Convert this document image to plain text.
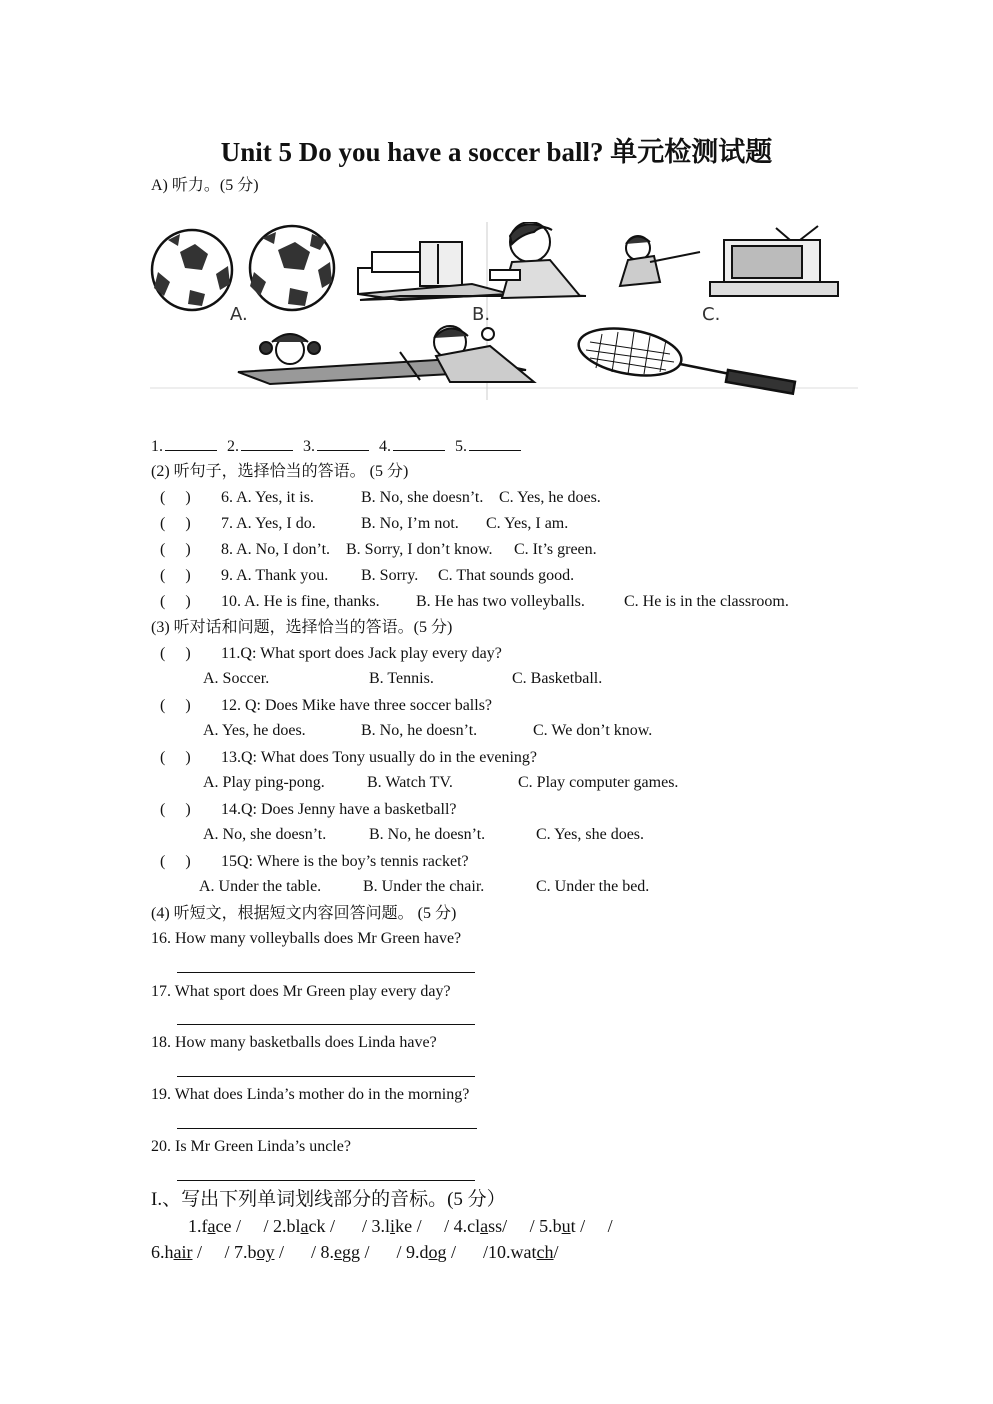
Unit 5 Do you have a soccer ball? 单元检测试题
A) 听力。(5 分)
A.	B.	C.
1.	2.	3.	4.	5.
(2) 听句子，选择恰当的答语。 (5 分)
(     ) 6. A. Yes, it is.	B. No, she doesn’t. C. Yes, he does.
(     ) 7. A. Yes, I do.	B. No, I’m not. C. Yes, I am.
(     ) 8. A. No, I don’t. B. Sorry, I don’t know. C. It’s green.
(     ) 9. A. Thank you. B. Sorry. C. That sounds good.
(     ) 10. A. He is fine, thanks. B. He has two volleyballs. C. He is in the classroom.
(3) 听对话和问题，选择恰当的答语。(5 分)
(     ) 11.Q: What sport does Jack play every day?
A. Soccer.	B. Tennis.	C. Basketball.
(     ) 12. Q: Does Mike have three soccer balls?
A. Yes, he does.	B. No, he doesn’t.	C. We don’t know.
(     ) 13.Q: What does Tony usually do in the evening?
A. Play ping-pong.	B. Watch TV.	C. Play computer games.
(     ) 14.Q: Does Jenny have a basketball?
A. No, she doesn’t.	B. No, he doesn’t.	C. Yes, she does.
(     ) 15Q: Where is the boy’s tennis racket?
A. Under the table.	B. Under the chair.	C. Under the bed.
(4) 听短文，根据短文内容回答问题。 (5 分)
16. How many volleyballs does Mr Green have?
17. What sport does Mr Green play every day?
18. How many basketballs does Linda have?
19. What does Linda’s mother do in the morning?
20. Is Mr Green Linda’s uncle?
I.、写出下列单词划线部分的音标。(5 分）
1.face /     / 2.black /      / 3.like /     / 4.class/     / 5.but /     /
6.hair /     / 7.boy /      / 8.egg /      / 9.dog /      /10.watch/
